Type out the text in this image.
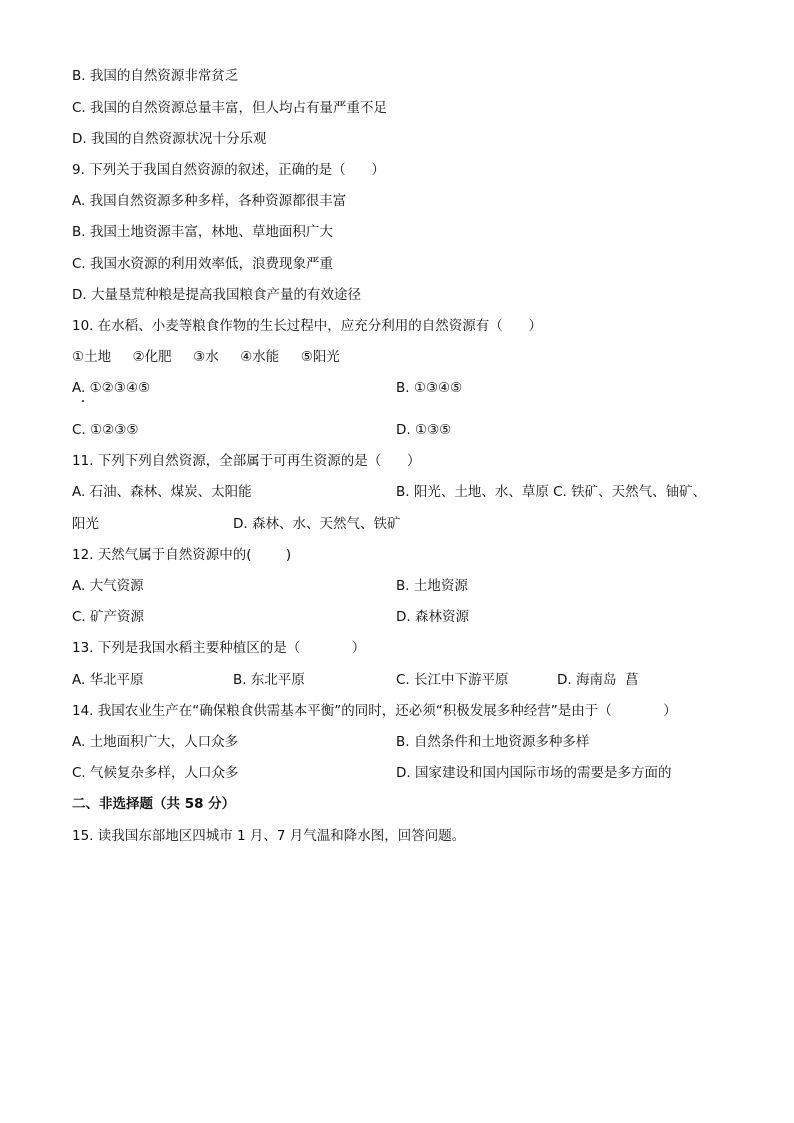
B. 我国的自然资源非常贫乏
C. 我国的自然资源总量丰富，但人均占有量严重不足
D. 我国的自然资源状况十分乐观
9. 下列关于我国自然资源的叙述，正确的是（      ）
A. 我国自然资源多种多样，各种资源都很丰富
B. 我国土地资源丰富，林地、草地面积广大
C. 我国水资源的利用效率低，浪费现象严重
D. 大量垦荒种粮是提高我国粮食产量的有效途径
10. 在水稻、小麦等粮食作物的生长过程中，应充分利用的自然资源有（      ）
①土地     ②化肥     ③水     ④水能     ⑤阳光
A. ①②③④⑤	B. ①③④⑤
C. ①②③⑤	D. ①③⑤
11. 下列下列自然资源，全部属于可再生资源的是（      ）
A. 石油、森林、煤炭、太阳能	B. 阳光、土地、水、草原 C. 铁矿、天然气、铀矿、
阳光	D. 森林、水、天然气、铁矿
12. 天然气属于自然资源中的(        )
A. 大气资源	B. 土地资源
C. 矿产资源	D. 森林资源
13. 下列是我国水稻主要种植区的是（            ）
A. 华北平原	B. 东北平原	C. 长江中下游平原	D. 海南岛  菖
14. 我国农业生产在“确保粮食供需基本平衡”的同时，还必须“积极发展多种经营”是由于（            ）
A. 土地面积广大，人口众多	B. 自然条件和土地资源多种多样
C. 气候复杂多样，人口众多	D. 国家建设和国内国际市场的需要是多方面的
二、非选择题（共 58 分）
15. 读我国东部地区四城市 1 月、7 月气温和降水图，回答问题。
